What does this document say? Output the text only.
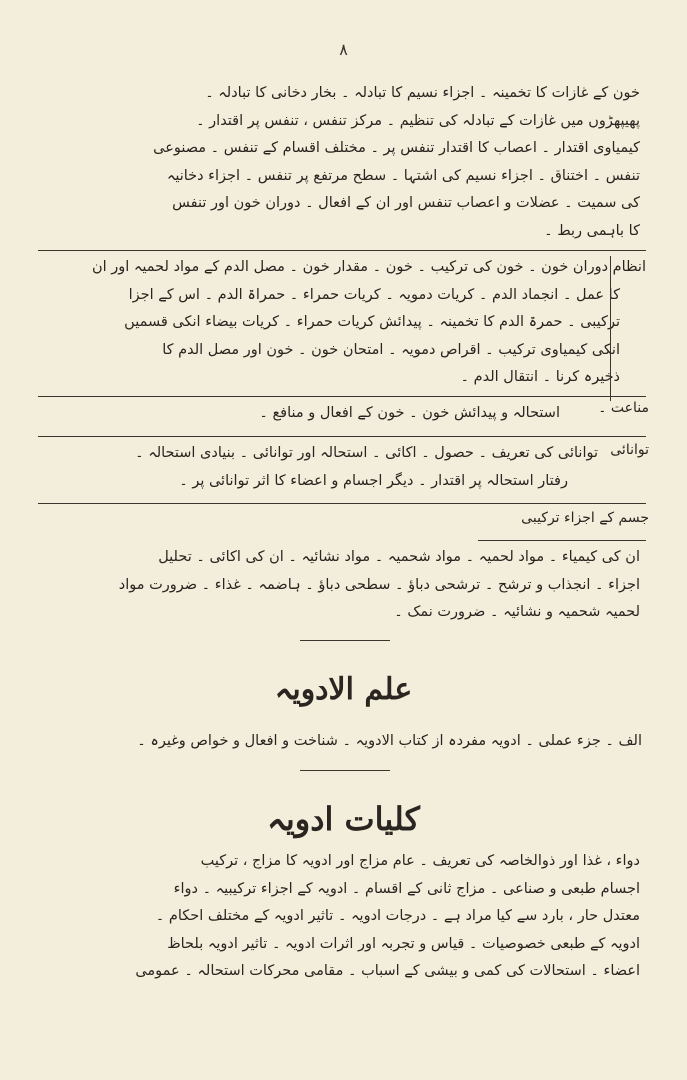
٨
خون کے غازات کا تخمینہ ۔ اجزاء نسیم کا تبادلہ ۔ بخار دخانی کا تبادلہ ۔
پھیپھڑوں میں غازات کے تبادلہ کی تنظیم ۔ مرکز تنفس ، تنفس پر اقتدار ۔
کیمیاوی اقتدار ۔ اعصاب کا اقتدار تنفس پر ۔ مختلف اقسام کے تنفس ۔ مصنوعی
تنفس ۔ اختناق ۔ اجزاء نسیم کی اشتہا ۔ سطح مرتفع پر تنفس ۔ اجزاء دخانیہ
کی سمیت ۔ عضلات و اعصاب تنفس اور ان کے افعال ۔ دوران خون اور تنفس
کا باہمی ربط ۔
انظام دوران خون ۔ خون کی ترکیب ۔ خون ۔ مقدار خون ۔ مصل الدم کے مواد لحمیہ اور ان
کا عمل ۔ انجماد الدم ۔ کریات دمویہ ۔ کریات حمراء ۔ حمراۃ الدم ۔ اس کے اجزا
ترکیبی ۔ حمرۃ الدم کا تخمینہ ۔ پیدائش کریات حمراء ۔ کریات بیضاء انکی قسمیں
انکی کیمیاوی ترکیب ۔ اقراص دمویہ ۔ امتحان خون ۔ خون اور مصل الدم کا
ذخیرہ کرنا ۔ انتقال الدم ۔
مناعت ۔
استحالہ و پیدائش خون ۔ خون کے افعال و منافع ۔
توانائی
توانائی کی تعریف ۔ حصول ۔ اکائی ۔ استحالہ اور توانائی ۔ بنیادی استحالہ ۔
رفتار استحالہ پر اقتدار ۔ دیگر اجسام و اعضاء کا اثر توانائی پر ۔
جسم کے اجزاء ترکیبی
ان کی کیمیاء ۔ مواد لحمیہ ۔ مواد شحمیہ ۔ مواد نشائیہ ۔ ان کی اکائی ۔ تحلیل
اجزاء ۔ انجذاب و ترشح ۔ ترشحی دباؤ ۔ سطحی دباؤ ۔ ہاضمہ ۔ غذاء ۔ ضرورت مواد
لحمیہ شحمیہ و نشائیہ ۔ ضرورت نمک ۔
علم الادویہ
الف ۔ جزء عملی ۔ ادویہ مفردہ از کتاب الادویہ ۔ شناخت و افعال و خواص وغیرہ ۔
کلیات ادویہ
دواء ، غذا اور ذوالخاصہ کی تعریف ۔ عام مزاج اور ادویہ کا مزاج ، ترکیب
اجسام طبعی و صناعی ۔ مزاج ثانی کے اقسام ۔ ادویہ کے اجزاء ترکیبیہ ۔ دواء
معتدل حار ، بارد سے کیا مراد ہے ۔ درجات ادویہ ۔ تاثیر ادویہ کے مختلف احکام ۔
ادویہ کے طبعی خصوصیات ۔ قیاس و تجربہ اور اثرات ادویہ ۔ تاثیر ادویہ بلحاظ
اعضاء ۔ استحالات کی کمی و بیشی کے اسباب ۔ مقامی محرکات استحالہ ۔ عمومی
